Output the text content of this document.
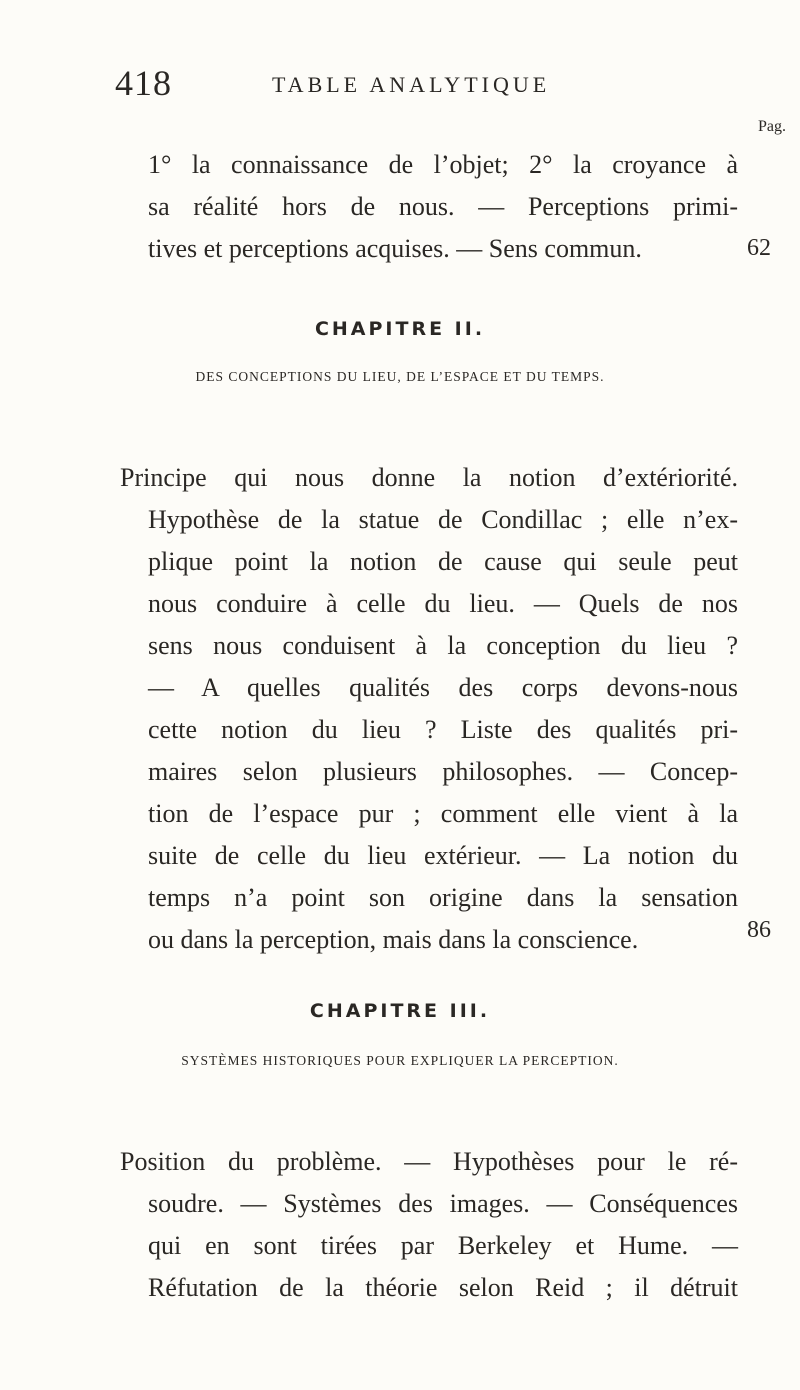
418	TABLE ANALYTIQUE
Pag.
1° la connaissance de l’objet; 2° la croyance à
sa réalité hors de nous. — Perceptions primi-
tives et perceptions acquises. — Sens commun.	62
CHAPITRE II.
DES CONCEPTIONS DU LIEU, DE L’ESPACE ET DU TEMPS.
Principe qui nous donne la notion d’extériorité.
Hypothèse de la statue de Condillac ; elle n’ex-
plique point la notion de cause qui seule peut
nous conduire à celle du lieu. — Quels de nos
sens nous conduisent à la conception du lieu ?
— A quelles qualités des corps devons-nous
cette notion du lieu ? Liste des qualités pri-
maires selon plusieurs philosophes. — Concep-
tion de l’espace pur ; comment elle vient à la
suite de celle du lieu extérieur. — La notion du
temps n’a point son origine dans la sensation
ou dans la perception, mais dans la conscience.	86
CHAPITRE III.
SYSTÈMES HISTORIQUES POUR EXPLIQUER LA PERCEPTION.
Position du problème. — Hypothèses pour le ré-
soudre. — Systèmes des images. — Conséquences
qui en sont tirées par Berkeley et Hume. —
Réfutation de la théorie selon Reid ; il détruit
